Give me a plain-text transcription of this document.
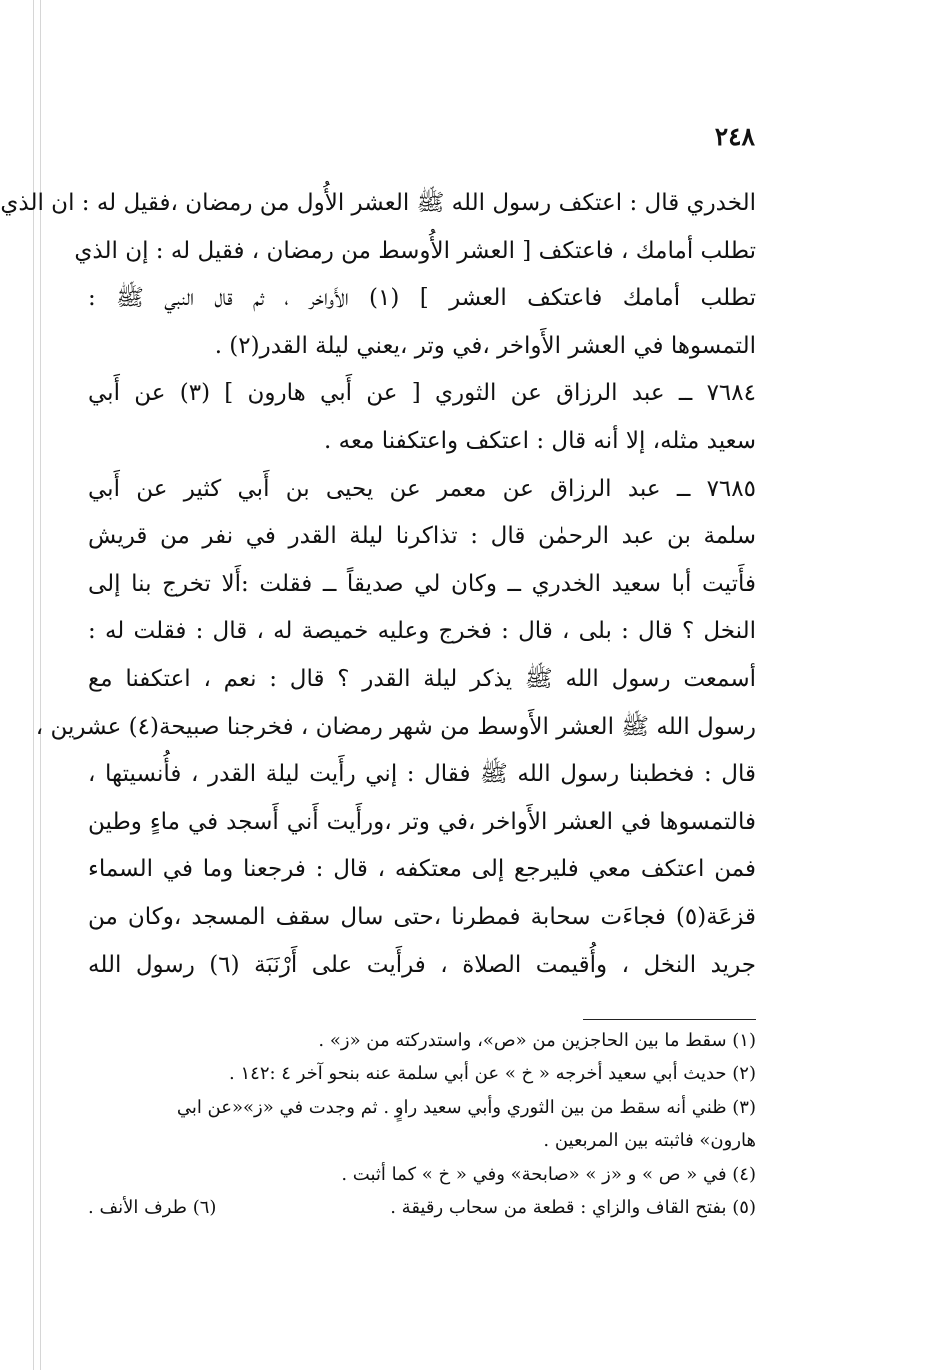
٢٤٨
الخدري قال : اعتكف رسول الله ﷺ العشر الأُول من رمضان ،فقيل له : ان الذي
تطلب أمامك ، فاعتكف [ العشر الأُوسط من رمضان ، فقيل له : إن الذي
تطلب أمامك فاعتكف العشر ] (١) الأَواخر ، ثم قال النبي ﷺ :
التمسوها في العشر الأَواخر ،في وتر ،يعني ليلة القدر(٢) .
٧٦٨٤ ــ عبد الرزاق عن الثوري [ عن أَبي هارون ] (٣) عن أَبي
سعيد مثله، إلا أنه قال : اعتكف واعتكفنا معه .
٧٦٨٥ ــ عبد الرزاق عن معمر عن يحيى بن أَبي كثير عن أَبي
سلمة بن عبد الرحمٰن قال : تذاكرنا ليلة القدر في نفر من قريش
فأَتيت أبا سعيد الخدري ــ وكان لي صديقاً ــ فقلت :أَلا تخرج بنا إلى
النخل ؟ قال : بلى ، قال : فخرج وعليه خميصة له ، قال : فقلت له :
أسمعت رسول الله ﷺ يذكر ليلة القدر ؟ قال : نعم ، اعتكفنا مع
رسول الله ﷺ العشر الأَوسط من شهر رمضان ، فخرجنا صبيحة(٤) عشرين ،
قال : فخطبنا رسول الله ﷺ فقال : إني رأَيت ليلة القدر ، فأُنسيتها ،
فالتمسوها في العشر الأَواخر ،في وتر ،ورأَيت أَني أَسجد في ماءٍ وطين
فمن اعتكف معي فليرجع إلى معتكفه ، قال : فرجعنا وما في السماء
قزعَة(٥) فجاءَت سحابة فمطرنا ،حتى سال سقف المسجد ،وكان من
جريد النخل ، وأُقيمت الصلاة ، فرأَيت على أَرْنَبَة (٦) رسول الله
(١) سقط ما بين الحاجزين من «ص»، واستدركته من «ز» .
(٢) حديث أبي سعيد أخرجه « خ » عن أبي سلمة عنه بنحو آخر ٤ :١٤٢ .
(٣) ظني أنه سقط من بين الثوري وأبي سعيد راوٍ . ثم وجدت في «ز»«عن ابي
هارون» فاثبته بين المربعين .
(٤) في « ص » و «ز » «صابحة» وفي « خ » كما أثبت .
(٥) بفتح القاف والزاي : قطعة من سحاب رقيقة .
(٦) طرف الأنف .
